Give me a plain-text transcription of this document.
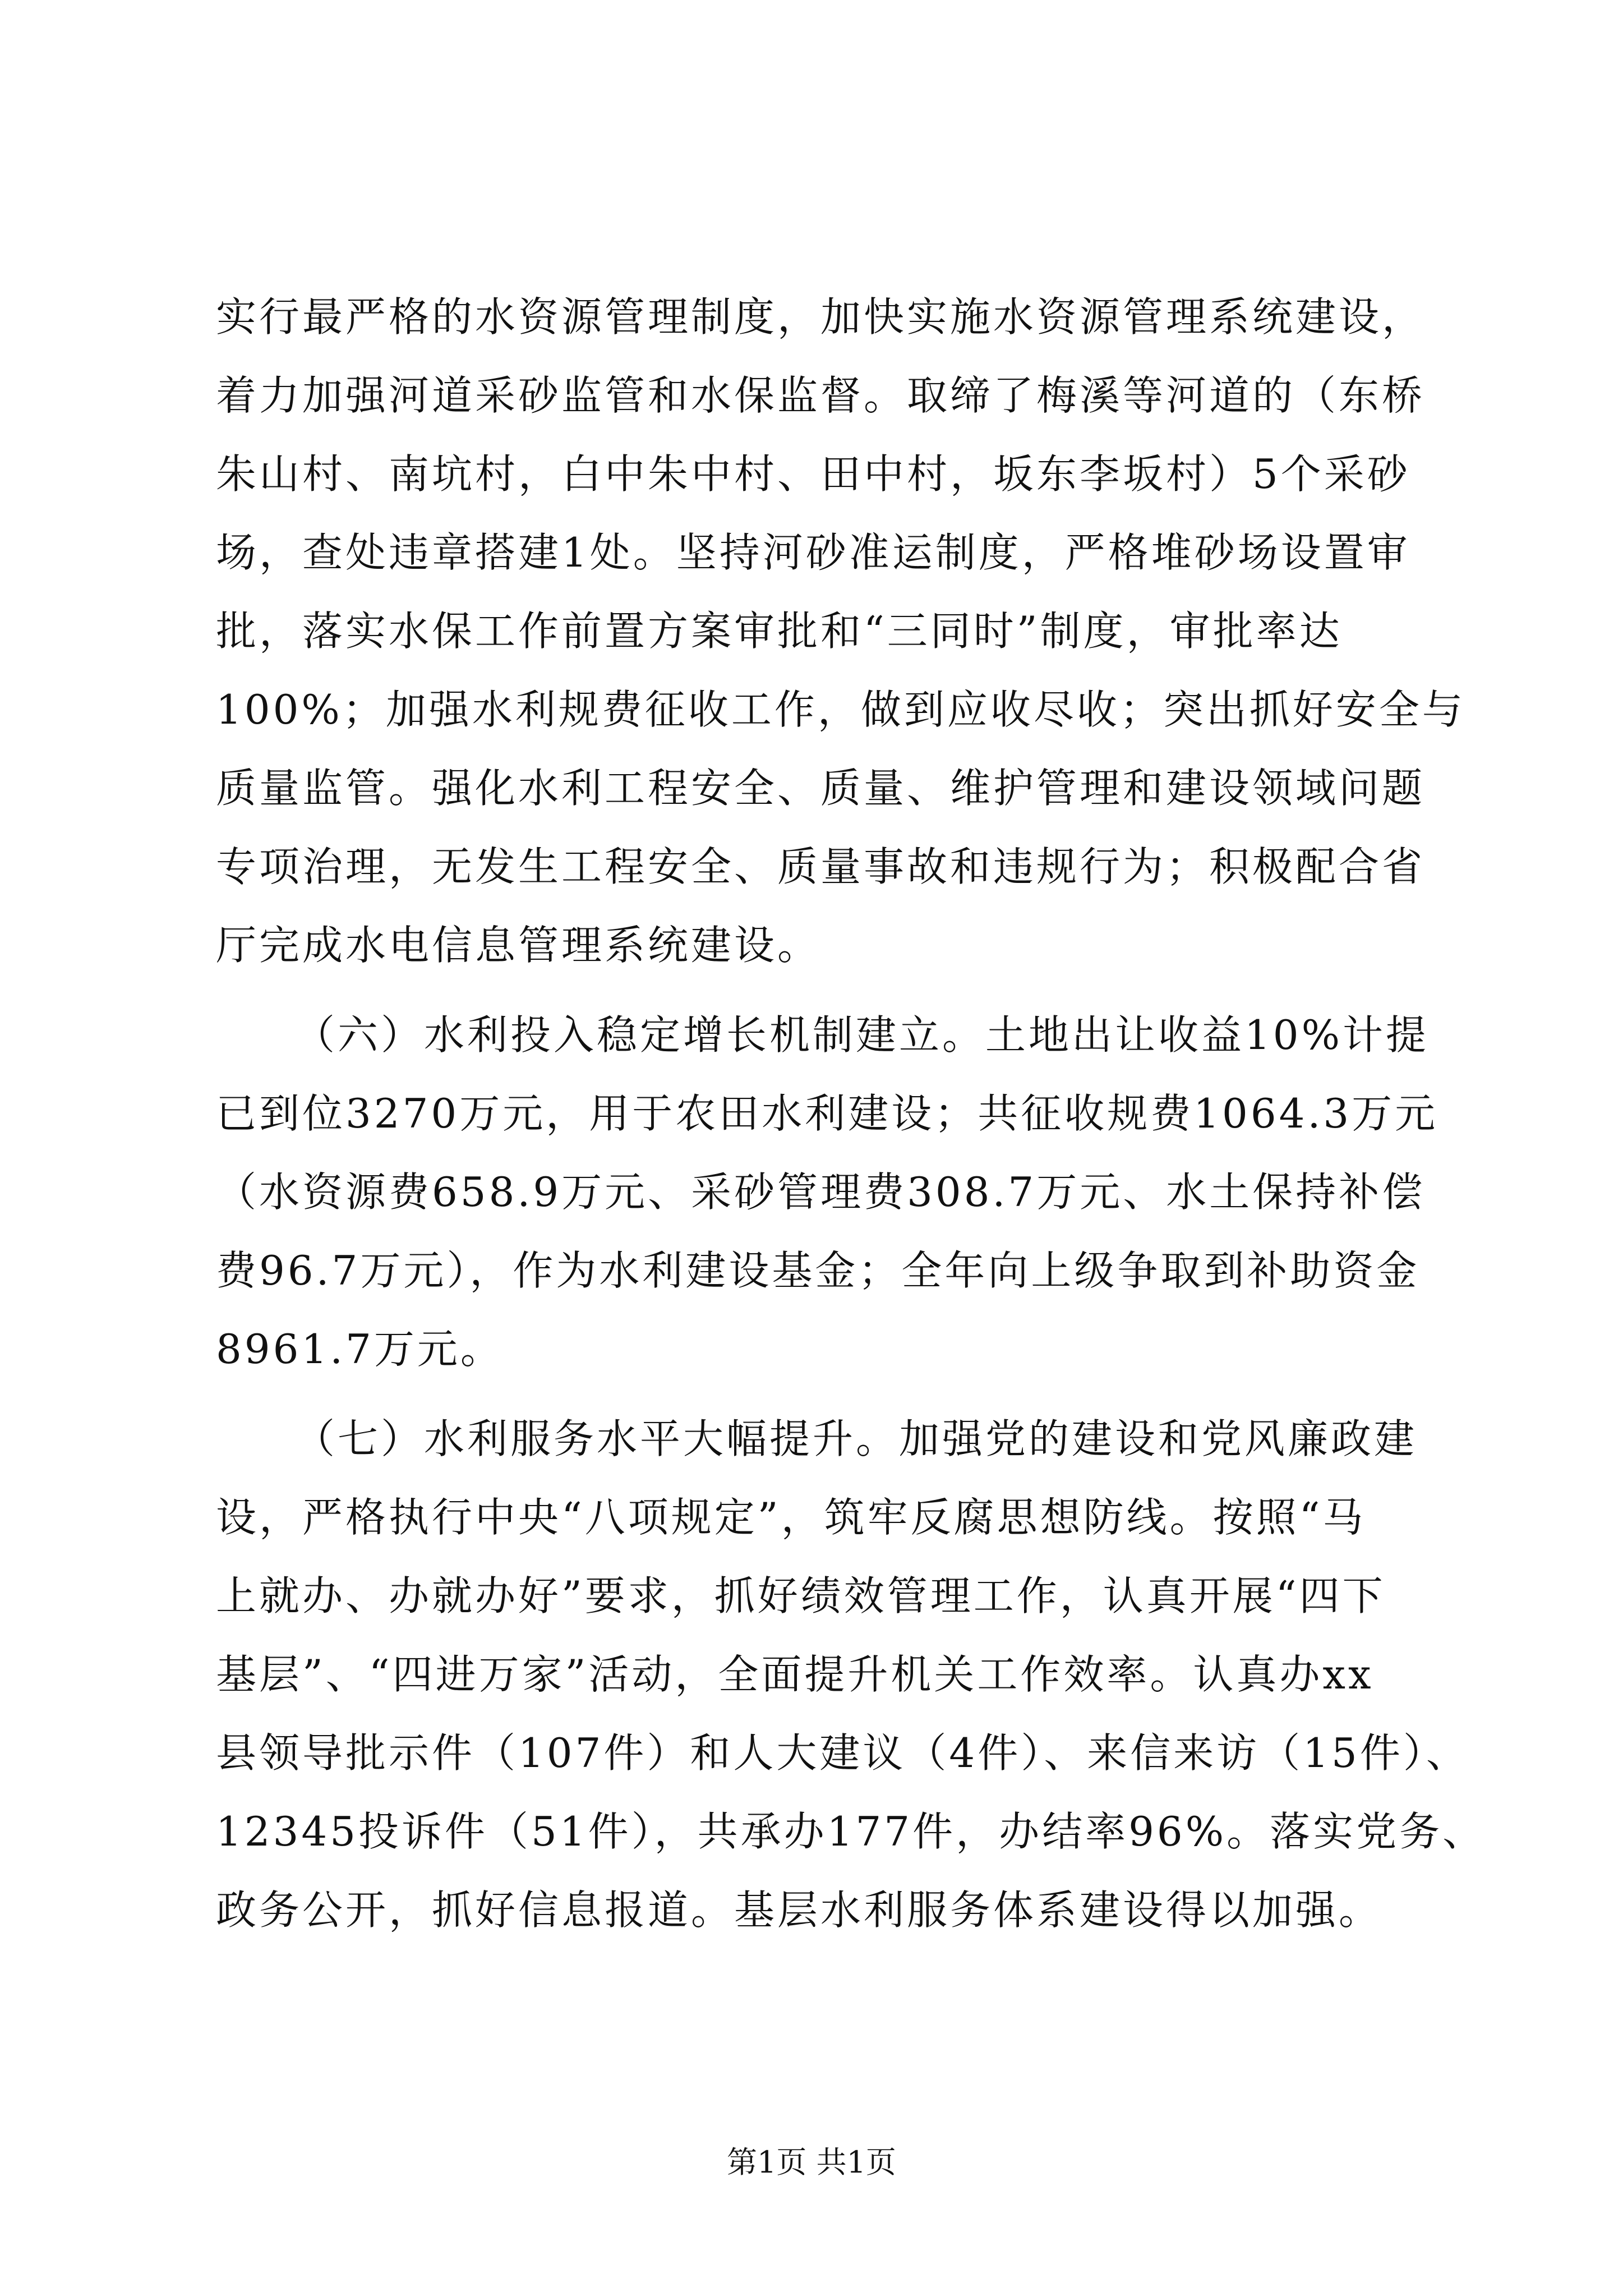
实行最严格的水资源管理制度，加快实施水资源管理系统建设，
着力加强河道采砂监管和水保监督。取缔了梅溪等河道的（东桥
朱山村、南坑村，白中朱中村、田中村，坂东李坂村）5个采砂
场，查处违章搭建1处。坚持河砂准运制度，严格堆砂场设置审
批，落实水保工作前置方案审批和“三同时”制度，审批率达
100%；加强水利规费征收工作，做到应收尽收；突出抓好安全与
质量监管。强化水利工程安全、质量、维护管理和建设领域问题
专项治理，无发生工程安全、质量事故和违规行为；积极配合省
厅完成水电信息管理系统建设。
（六）水利投入稳定增长机制建立。土地出让收益10%计提
已到位3270万元，用于农田水利建设；共征收规费1064.3万元
（水资源费658.9万元、采砂管理费308.7万元、水土保持补偿
费96.7万元），作为水利建设基金；全年向上级争取到补助资金
8961.7万元。
（七）水利服务水平大幅提升。加强党的建设和党风廉政建
设，严格执行中央“八项规定”，筑牢反腐思想防线。按照“马
上就办、办就办好”要求，抓好绩效管理工作，认真开展“四下
基层”、“四进万家”活动，全面提升机关工作效率。认真办xx
县领导批示件（107件）和人大建议（4件）、来信来访（15件）、
12345投诉件（51件），共承办177件，办结率96%。落实党务、
政务公开，抓好信息报道。基层水利服务体系建设得以加强。
第1页 共1页
